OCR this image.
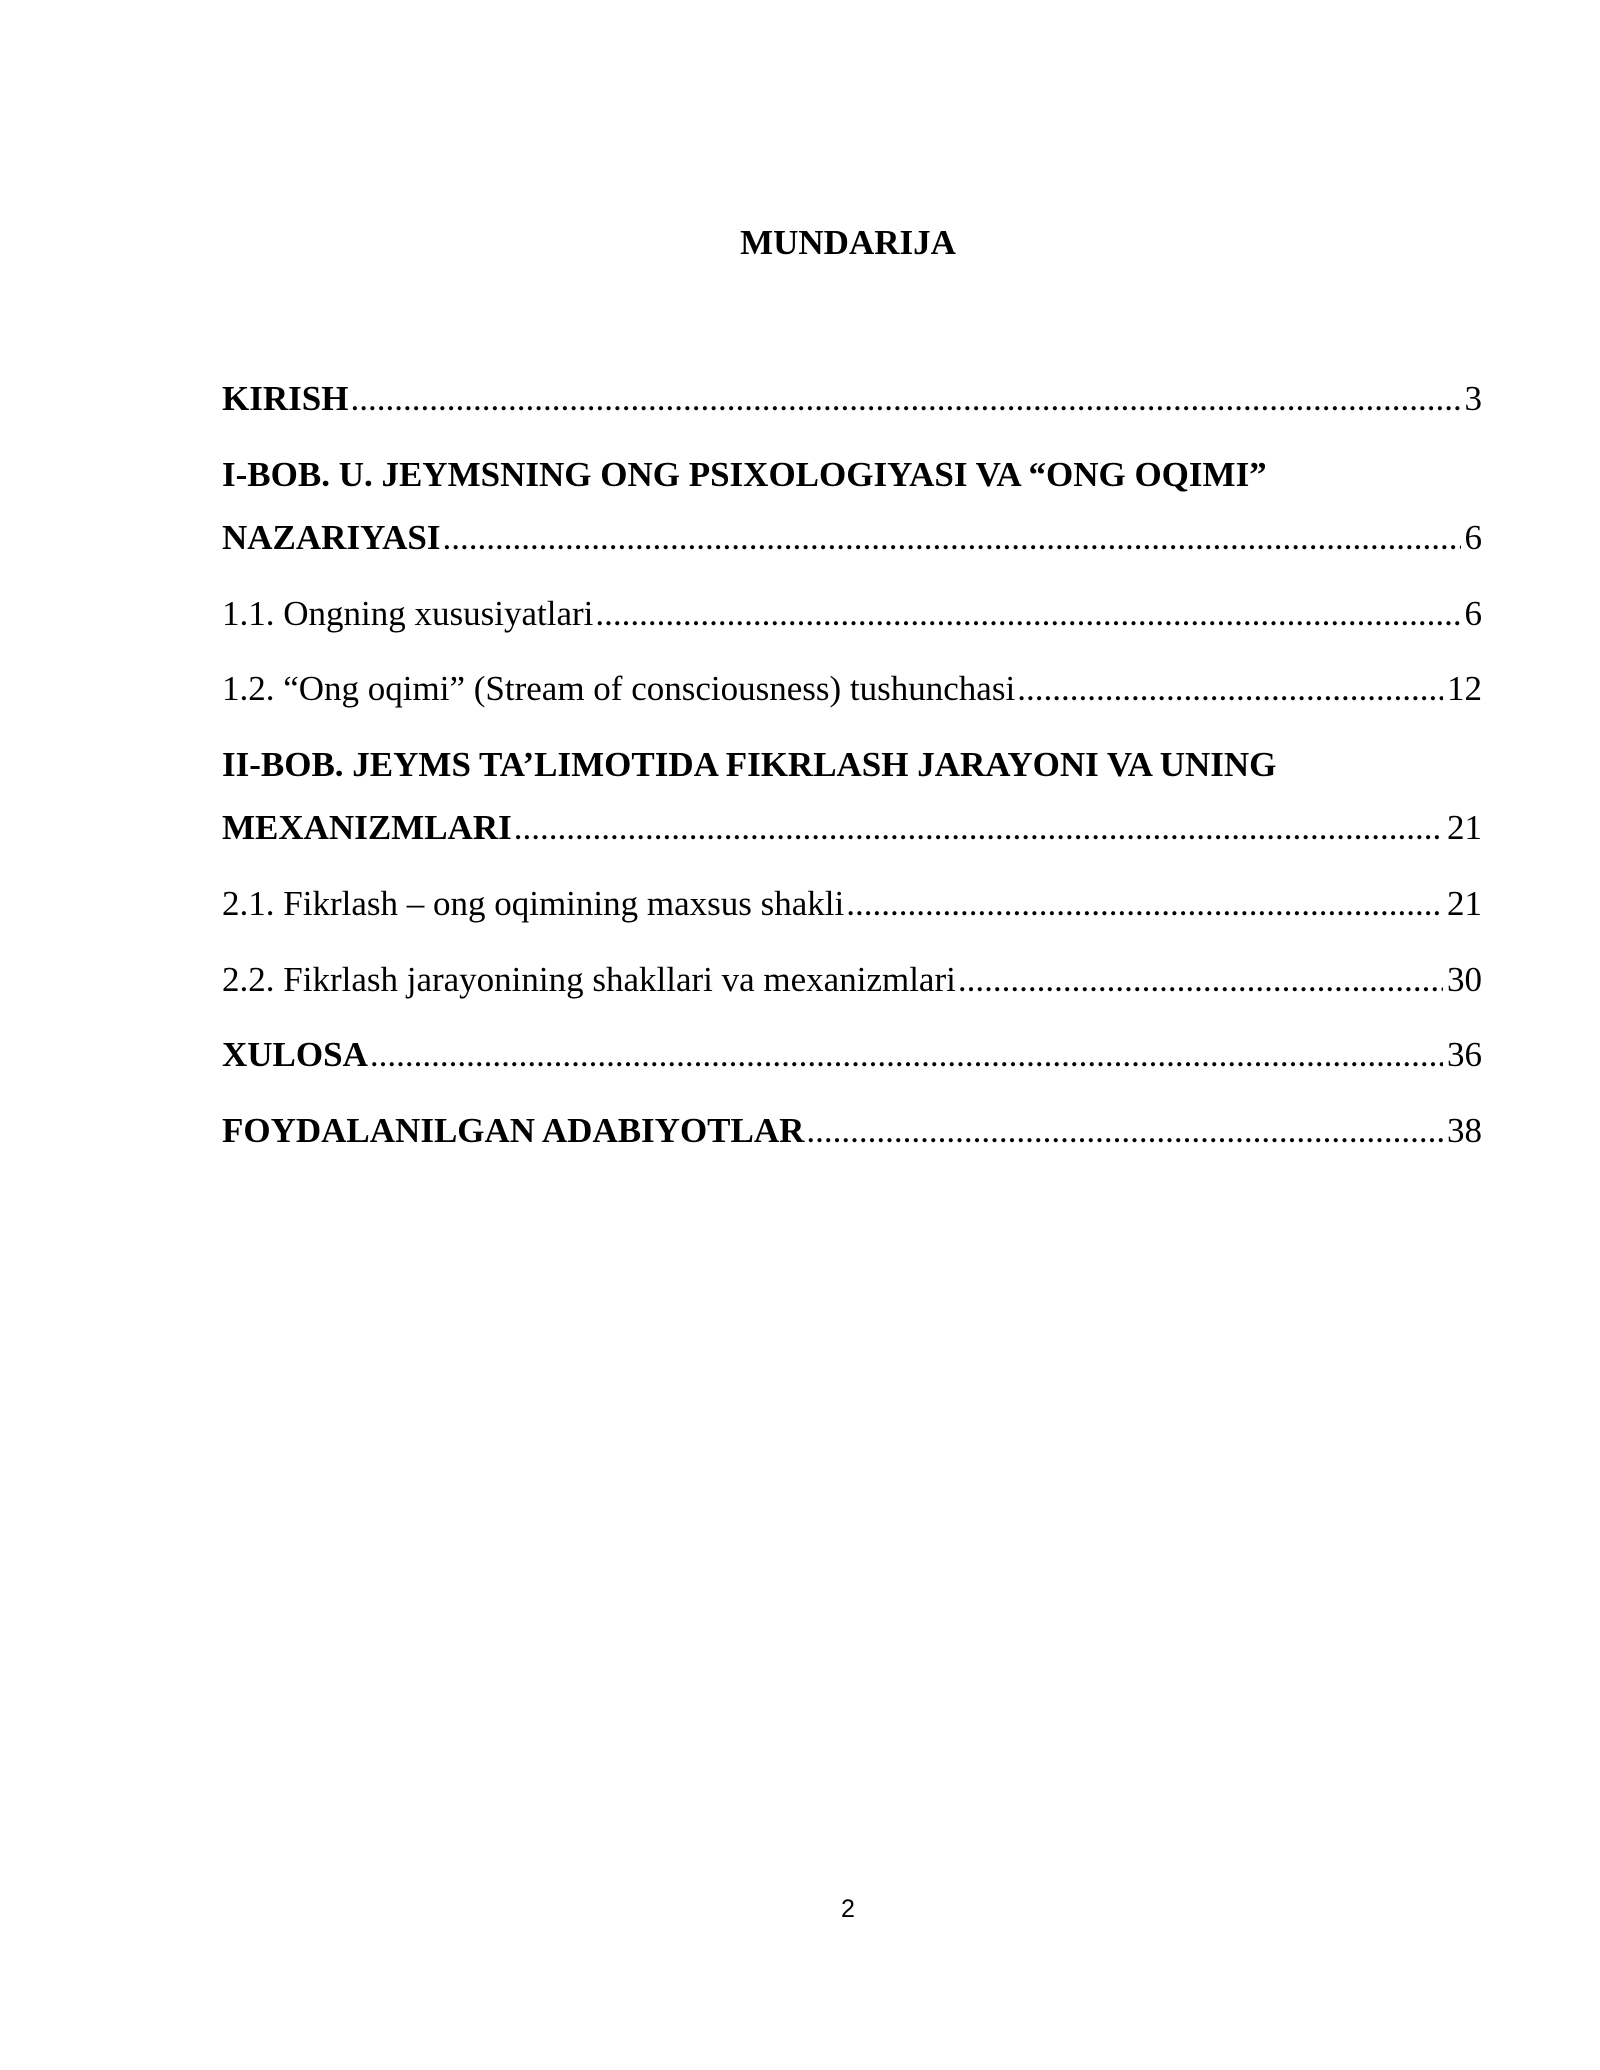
MUNDARIJA
KIRISH .....	3
I-BOB. U. JEYMSNING ONG PSIXOLOGIYASI VA “ONG OQIMI”
NAZARIYASI .....	6
1.1. Ongning xususiyatlari .....	6
1.2. “Ong oqimi” (Stream of consciousness) tushunchasi .....	12
II-BOB. JEYMS TA’LIMOTIDA FIKRLASH JARAYONI VA UNING
MEXANIZMLARI .....	21
2.1. Fikrlash – ong oqimining maxsus shakli .....	21
2.2. Fikrlash jarayonining shakllari va mexanizmlari .....	30
XULOSA .....	36
FOYDALANILGAN ADABIYOTLAR .....	38
2
